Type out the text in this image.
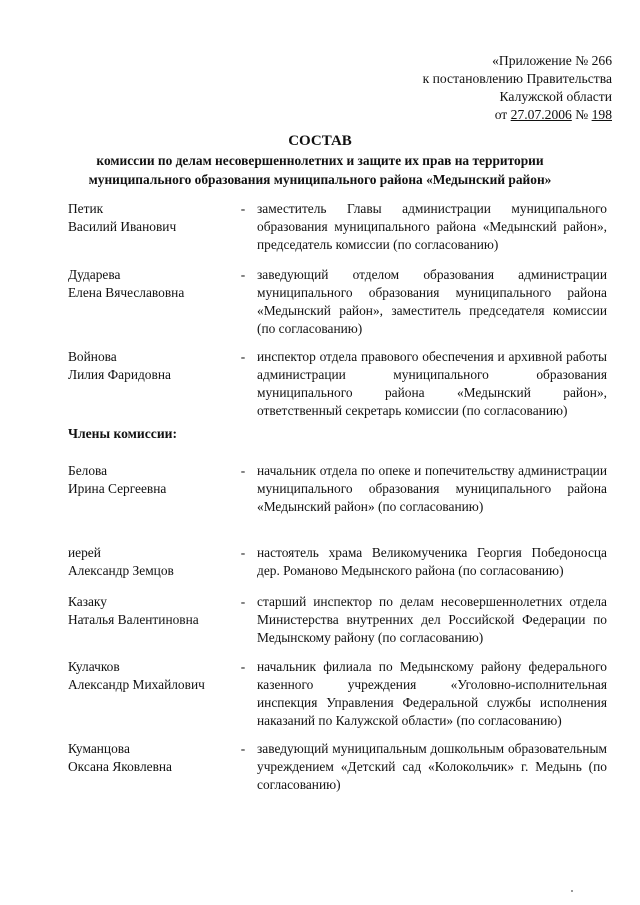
«Приложение № 266
к постановлению Правительства
Калужской области
от 27.07.2006 № 198
СОСТАВ
комиссии по делам несовершеннолетних и защите их прав на территории
муниципального образования муниципального района «Медынский район»
Петик
Василий Иванович
- заместитель Главы администрации муниципального образования муниципального района «Медынский район», председатель комиссии (по согласованию)
Дударева
Елена Вячеславовна
- заведующий отделом образования администрации муниципального образования муниципального района «Медынский район», заместитель председателя комиссии (по согласованию)
Войнова
Лилия Фаридовна
- инспектор отдела правового обеспечения и архивной работы администрации муниципального образования муниципального района «Медынский район», ответственный секретарь комиссии (по согласованию)
Члены комиссии:
Белова
Ирина Сергеевна
- начальник отдела по опеке и попечительству администрации муниципального образования муниципального района «Медынский район» (по согласованию)
иерей
Александр Земцов
- настоятель храма Великомученика Георгия Победоносца дер. Романово Медынского района (по согласованию)
Казаку
Наталья Валентиновна
- старший инспектор по делам несовершеннолетних отдела Министерства внутренних дел Российской Федерации по Медынскому району (по согласованию)
Кулачков
Александр Михайлович
- начальник филиала по Медынскому району федерального казенного учреждения «Уголовно-исполнительная инспекция Управления Федеральной службы исполнения наказаний по Калужской области» (по согласованию)
Куманцова
Оксана Яковлевна
- заведующий муниципальным дошкольным образовательным учреждением «Детский сад «Колокольчик» г. Медынь (по согласованию)
